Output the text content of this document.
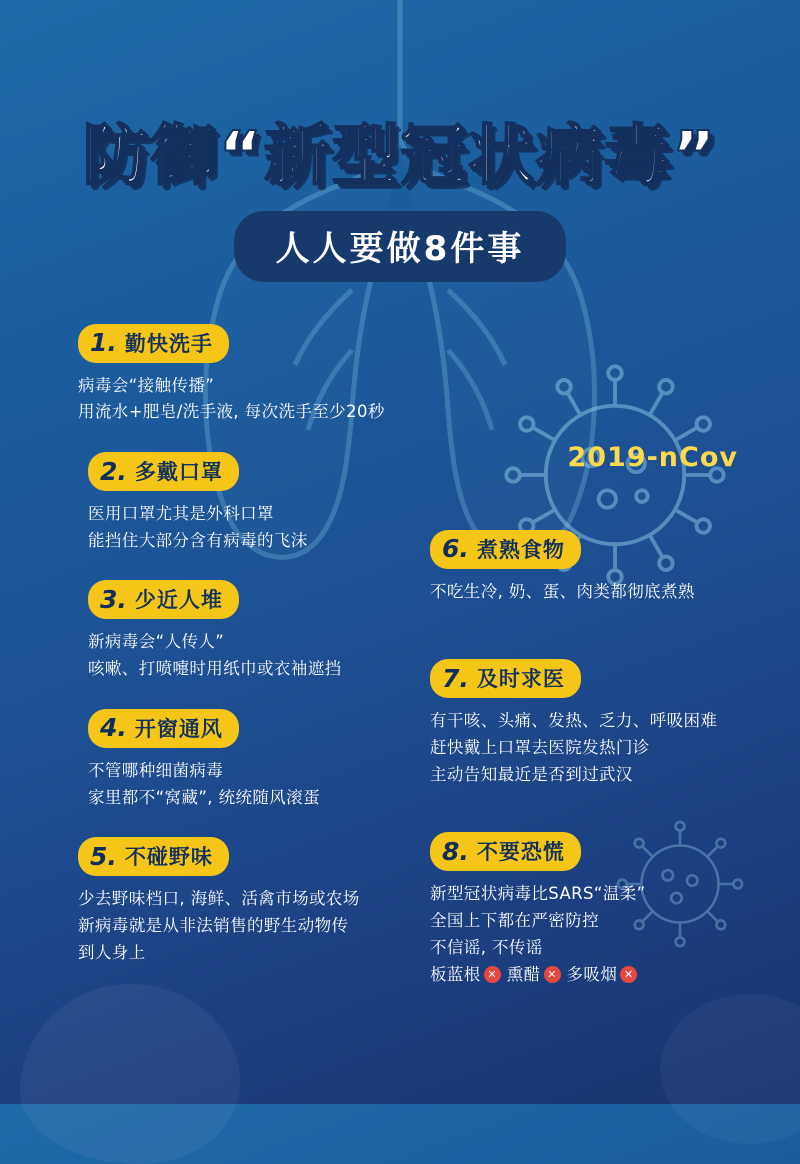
防御“新型冠状病毒”
人人要做8件事
2019-nCov
1. 勤快洗手
病毒会“接触传播”
用流水+肥皂/洗手液, 每次洗手至少20秒
2. 多戴口罩
医用口罩尤其是外科口罩
能挡住大部分含有病毒的飞沫
3. 少近人堆
新病毒会“人传人”
咳嗽、打喷嚏时用纸巾或衣袖遮挡
4. 开窗通风
不管哪种细菌病毒
家里都不“窝藏”, 统统随风滚蛋
5. 不碰野味
少去野味档口, 海鲜、活禽市场或农场
新病毒就是从非法销售的野生动物传
到人身上
6. 煮熟食物
不吃生冷, 奶、蛋、肉类都彻底煮熟
7. 及时求医
有干咳、头痛、发热、乏力、呼吸困难
赶快戴上口罩去医院发热门诊
主动告知最近是否到过武汉
8. 不要恐慌
新型冠状病毒比SARS“温柔”
全国上下都在严密防控
不信谣, 不传谣
板蓝根 ✕ 熏醋 ✕ 多吸烟 ✕
